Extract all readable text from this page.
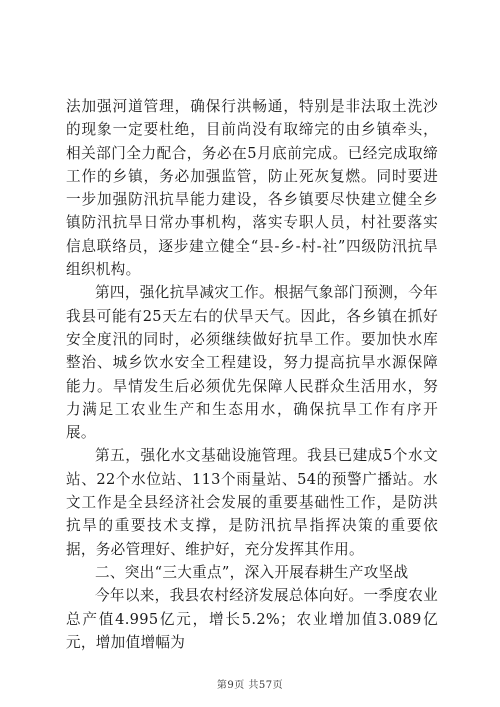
法加强河道管理，确保行洪畅通，特别是非法取土洗沙的现象一定要杜绝，目前尚没有取缔完的由乡镇牵头，相关部门全力配合，务必在5月底前完成。已经完成取缔工作的乡镇，务必加强监管，防止死灰复燃。同时要进一步加强防汛抗旱能力建设，各乡镇要尽快建立健全乡镇防汛抗旱日常办事机构，落实专职人员，村社要落实信息联络员，逐步建立健全“县-乡-村-社”四级防汛抗旱组织机构。

第四，强化抗旱减灾工作。根据气象部门预测，今年我县可能有25天左右的伏旱天气。因此，各乡镇在抓好安全度汛的同时，必须继续做好抗旱工作。要加快水库整治、城乡饮水安全工程建设，努力提高抗旱水源保障能力。旱情发生后必须优先保障人民群众生活用水，努力满足工农业生产和生态用水，确保抗旱工作有序开展。

第五，强化水文基础设施管理。我县已建成5个水文站、22个水位站、113个雨量站、54的预警广播站。水文工作是全县经济社会发展的重要基础性工作，是防洪抗旱的重要技术支撑，是防汛抗旱指挥决策的重要依据，务必管理好、维护好，充分发挥其作用。

二、突出“三大重点”，深入开展春耕生产攻坚战

今年以来，我县农村经济发展总体向好。一季度农业总产值4.995亿元，增长5.2%；农业增加值3.089亿元，增加值增幅为

第9页 共57页
